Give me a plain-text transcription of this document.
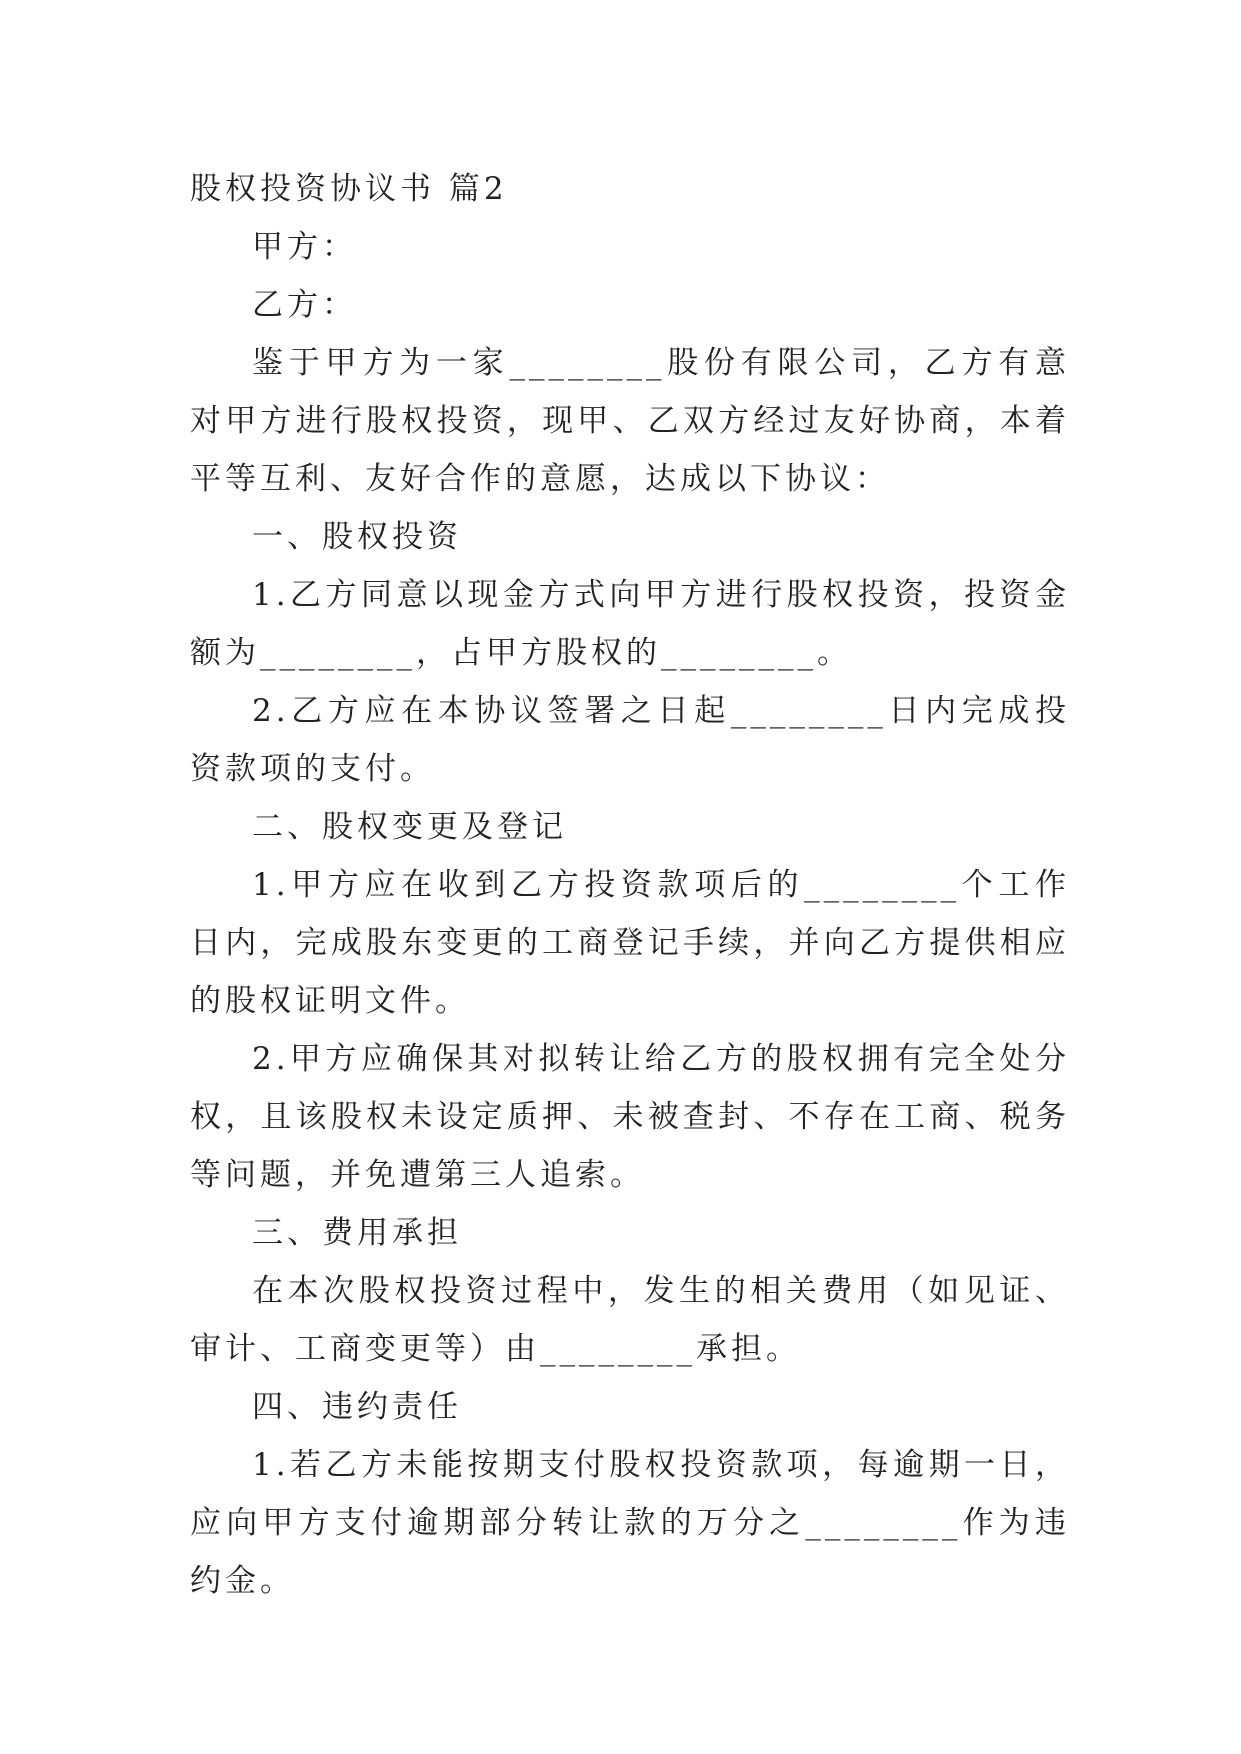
股权投资协议书 篇2

甲方：

乙方：

鉴于甲方为一家________股份有限公司，乙方有意对甲方进行股权投资，现甲、乙双方经过友好协商，本着平等互利、友好合作的意愿，达成以下协议：

一、股权投资

1.乙方同意以现金方式向甲方进行股权投资，投资金额为________，占甲方股权的________。

2.乙方应在本协议签署之日起________日内完成投资款项的支付。

二、股权变更及登记

1.甲方应在收到乙方投资款项后的________个工作日内，完成股东变更的工商登记手续，并向乙方提供相应的股权证明文件。

2.甲方应确保其对拟转让给乙方的股权拥有完全处分权，且该股权未设定质押、未被查封、不存在工商、税务等问题，并免遭第三人追索。

三、费用承担

在本次股权投资过程中，发生的相关费用（如见证、审计、工商变更等）由________承担。

四、违约责任

1.若乙方未能按期支付股权投资款项，每逾期一日，应向甲方支付逾期部分转让款的万分之________作为违约金。
